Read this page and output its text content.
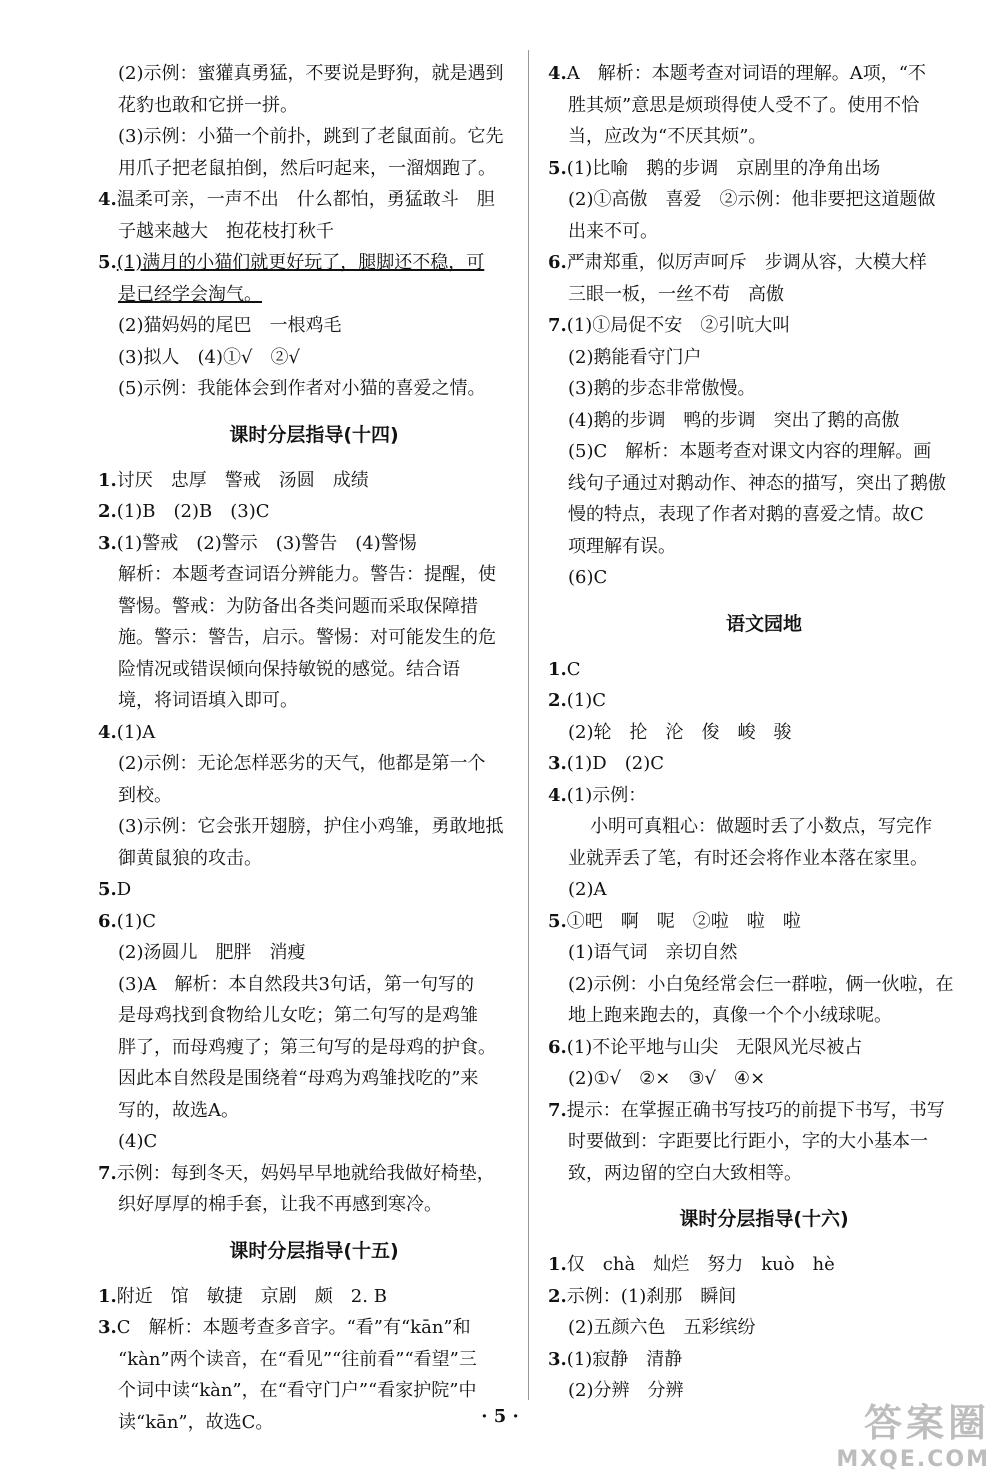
(2)示例：蜜獾真勇猛，不要说是野狗，就是遇到
花豹也敢和它拼一拼。
(3)示例：小猫一个前扑，跳到了老鼠面前。它先
用爪子把老鼠拍倒，然后叼起来，一溜烟跑了。
4.温柔可亲，一声不出　什么都怕，勇猛敢斗　胆
子越来越大　抱花枝打秋千
5.(1)满月的小猫们就更好玩了，腿脚还不稳，可
是已经学会淘气。
(2)猫妈妈的尾巴　一根鸡毛
(3)拟人　(4)①√　②√
(5)示例：我能体会到作者对小猫的喜爱之情。
课时分层指导(十四)
1.讨厌　忠厚　警戒　汤圆　成绩
2.(1)B　(2)B　(3)C
3.(1)警戒　(2)警示　(3)警告　(4)警惕
解析：本题考查词语分辨能力。警告：提醒，使
警惕。警戒：为防备出各类问题而采取保障措
施。警示：警告，启示。警惕：对可能发生的危
险情况或错误倾向保持敏锐的感觉。结合语
境，将词语填入即可。
4.(1)A
(2)示例：无论怎样恶劣的天气，他都是第一个
到校。
(3)示例：它会张开翅膀，护住小鸡雏，勇敢地抵
御黄鼠狼的攻击。
5.D
6.(1)C
(2)汤圆儿　肥胖　消瘦
(3)A　解析：本自然段共3句话，第一句写的
是母鸡找到食物给儿女吃；第二句写的是鸡雏
胖了，而母鸡瘦了；第三句写的是母鸡的护食。
因此本自然段是围绕着“母鸡为鸡雏找吃的”来
写的，故选A。
(4)C
7.示例：每到冬天，妈妈早早地就给我做好椅垫，
织好厚厚的棉手套，让我不再感到寒冷。
课时分层指导(十五)
1.附近　馆　敏捷　京剧　颇　2. B
3.C　解析：本题考查多音字。“看”有“kān”和
“kàn”两个读音，在“看见”“往前看”“看望”三
个词中读“kàn”，在“看守门户”“看家护院”中
读“kān”，故选C。
4.A　解析：本题考查对词语的理解。A项，“不
胜其烦”意思是烦琐得使人受不了。使用不恰
当，应改为“不厌其烦”。
5.(1)比喻　鹅的步调　京剧里的净角出场
(2)①高傲　喜爱　②示例：他非要把这道题做
出来不可。
6.严肃郑重，似厉声呵斥　步调从容，大模大样
三眼一板，一丝不苟　高傲
7.(1)①局促不安　②引吭大叫
(2)鹅能看守门户
(3)鹅的步态非常傲慢。
(4)鹅的步调　鸭的步调　突出了鹅的高傲
(5)C　解析：本题考查对课文内容的理解。画
线句子通过对鹅动作、神态的描写，突出了鹅傲
慢的特点，表现了作者对鹅的喜爱之情。故C
项理解有误。
(6)C
语文园地
1.C
2.(1)C
(2)轮　抡　沦　俊　峻　骏
3.(1)D　(2)C
4.(1)示例：
小明可真粗心：做题时丢了小数点，写完作
业就弄丢了笔，有时还会将作业本落在家里。
(2)A
5.①吧　啊　呢　②啦　啦　啦
(1)语气词　亲切自然
(2)示例：小白兔经常会仨一群啦，俩一伙啦，在
地上跑来跑去的，真像一个个小绒球呢。
6.(1)不论平地与山尖　无限风光尽被占
(2)①√　②×　③√　④×
7.提示：在掌握正确书写技巧的前提下书写，书写
时要做到：字距要比行距小，字的大小基本一
致，两边留的空白大致相等。
课时分层指导(十六)
1.仅　chà　灿烂　努力　kuò　hè
2.示例：(1)刹那　瞬间
(2)五颜六色　五彩缤纷
3.(1)寂静　清静
(2)分辨　分辨
· 5 ·	答案圈
MXQE.COM
